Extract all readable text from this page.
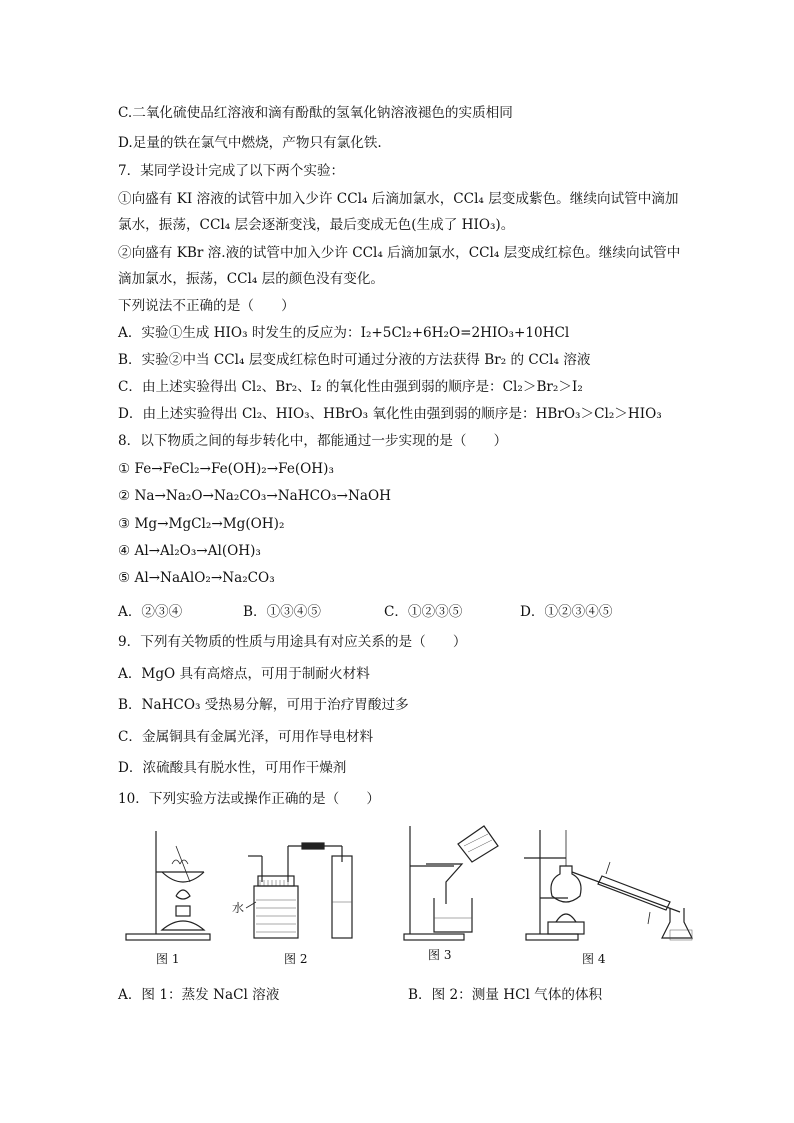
C.二氧化硫使品红溶液和滴有酚酞的氢氧化钠溶液褪色的实质相同
D.足量的铁在氯气中燃烧，产物只有氯化铁.
7．某同学设计完成了以下两个实验：
①向盛有 KI 溶液的试管中加入少许 CCl₄ 后滴加氯水，CCl₄ 层变成紫色。继续向试管中滴加
氯水，振荡，CCl₄ 层会逐渐变浅，最后变成无色(生成了 HIO₃)。
②向盛有 KBr 溶.液的试管中加入少许 CCl₄ 后滴加氯水，CCl₄ 层变成红棕色。继续向试管中
滴加氯水，振荡，CCl₄ 层的颜色没有变化。
下列说法不正确的是（　　）
A．实验①生成 HIO₃ 时发生的反应为：I₂+5Cl₂+6H₂O=2HIO₃+10HCl
B．实验②中当 CCl₄ 层变成红棕色时可通过分液的方法获得 Br₂ 的 CCl₄ 溶液
C．由上述实验得出 Cl₂、Br₂、I₂ 的氧化性由强到弱的顺序是：Cl₂＞Br₂＞I₂
D．由上述实验得出 Cl₂、HIO₃、HBrO₃ 氧化性由强到弱的顺序是：HBrO₃＞Cl₂＞HIO₃
8．以下物质之间的每步转化中，都能通过一步实现的是（　　）
① Fe→FeCl₂→Fe(OH)₂→Fe(OH)₃
② Na→Na₂O→Na₂CO₃→NaHCO₃→NaOH
③ Mg→MgCl₂→Mg(OH)₂
④ Al→Al₂O₃→Al(OH)₃
⑤ Al→NaAlO₂→Na₂CO₃
A．②③④	B．①③④⑤	C．①②③⑤	D．①②③④⑤
9．下列有关物质的性质与用途具有对应关系的是（　　）
A．MgO 具有高熔点，可用于制耐火材料
B．NaHCO₃ 受热易分解，可用于治疗胃酸过多
C．金属铜具有金属光泽，可用作导电材料
D．浓硫酸具有脱水性，可用作干燥剂
10．下列实验方法或操作正确的是（　　）
图 1
水
图 2	图 3	图 4
A．图 1：蒸发 NaCl 溶液	B．图 2：测量 HCl 气体的体积
